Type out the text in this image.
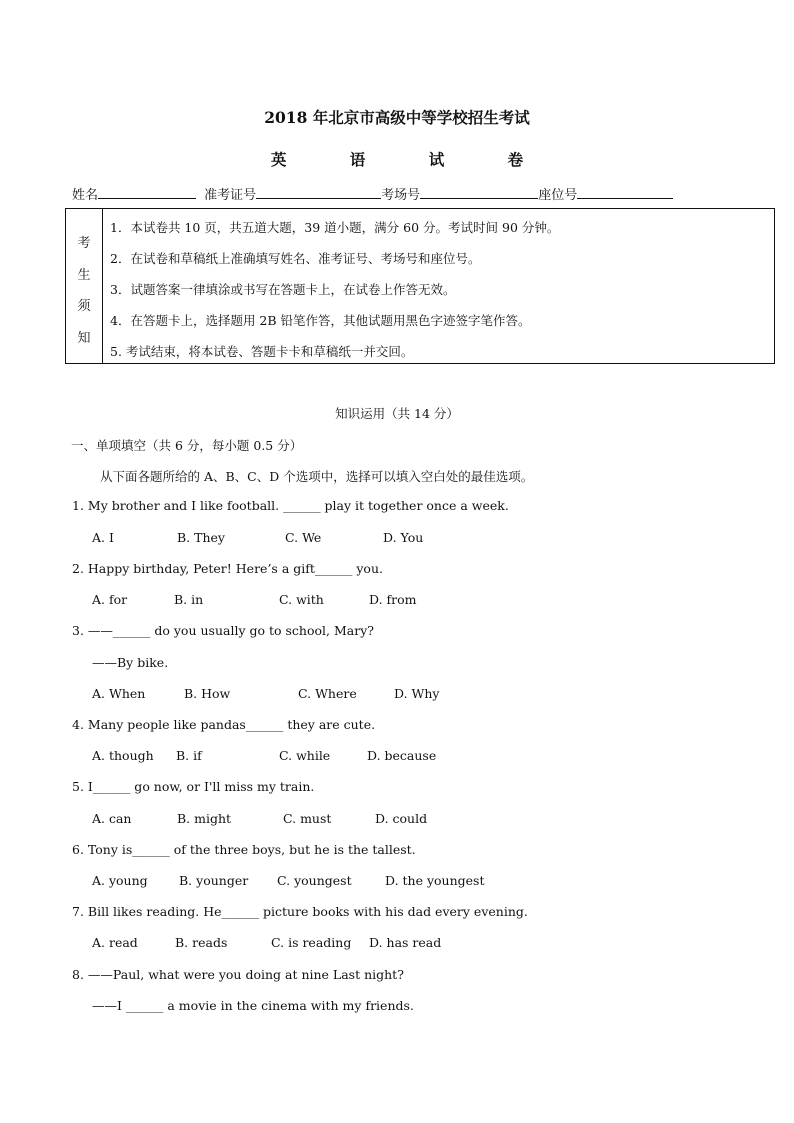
2018 年北京市高级中等学校招生考试
英	语	试	卷
姓名	准考证号	考场号	座位号
考
生
须
知
1．本试卷共 10 页，共五道大题，39 道小题，满分 60 分。考试时间 90 分钟。
2．在试卷和草稿纸上准确填写姓名、准考证号、考场号和座位号。
3．试题答案一律填涂或书写在答题卡上，在试卷上作答无效。
4．在答题卡上，选择题用 2B 铅笔作答，其他试题用黑色字迹签字笔作答。
5. 考试结束，将本试卷、答题卡卡和草稿纸一并交回。
知识运用（共 14 分）
一、单项填空（共 6 分，每小题 0.5 分）
从下面各题所给的 A、B、C、D 个选项中，选择可以填入空白处的最佳选项。
1. My brother and I like football. ______ play it together once a week.
A. I	B. They	C. We	D. You
2. Happy birthday, Peter! Here’s a gift______ you.
A. for	B. in	C. with	D. from
3. ——______ do you usually go to school, Mary?
——By bike.
A. When	B. How	C. Where	D. Why
4. Many people like pandas______ they are cute.
A. though B. if	C. while	D. because
5. I______ go now, or I'll miss my train.
A. can	B. might	C. must	D. could
6. Tony is______ of the three boys, but he is the tallest.
A. young	B. younger C. youngest	D. the youngest
7. Bill likes reading. He______ picture books with his dad every evening.
A. read	B. reads	C. is reading D. has read
8. ——Paul, what were you doing at nine Last night?
——I ______ a movie in the cinema with my friends.
